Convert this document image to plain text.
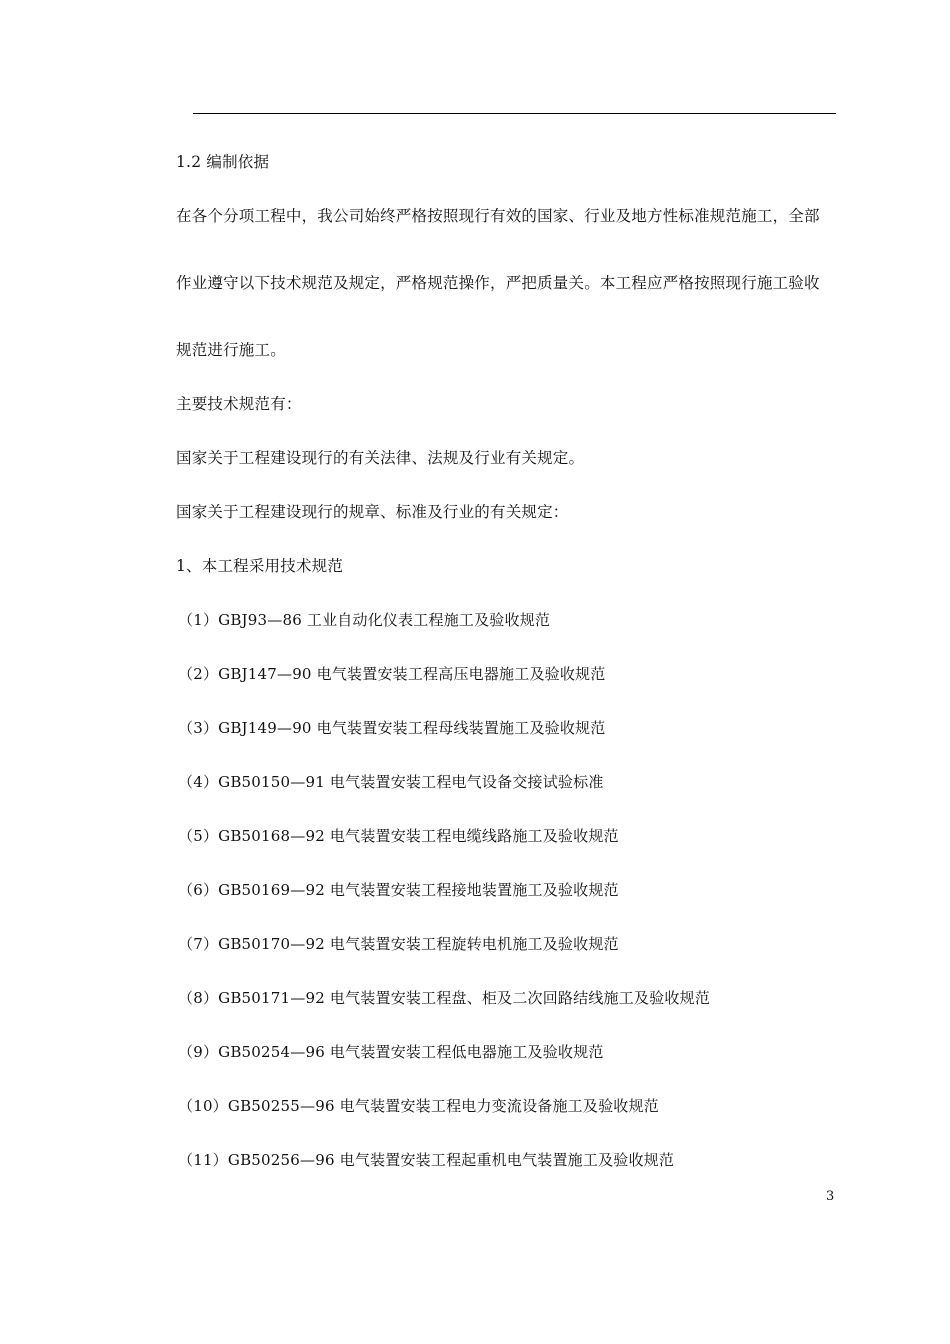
1.2 编制依据
在各个分项工程中，我公司始终严格按照现行有效的国家、行业及地方性标准规范施工，全部
作业遵守以下技术规范及规定，严格规范操作，严把质量关。本工程应严格按照现行施工验收
规范进行施工。
主要技术规范有：
国家关于工程建设现行的有关法律、法规及行业有关规定。
国家关于工程建设现行的规章、标准及行业的有关规定：
1、本工程采用技术规范
（1）GBJ93—86 工业自动化仪表工程施工及验收规范
（2）GBJ147—90 电气装置安装工程高压电器施工及验收规范
（3）GBJ149—90 电气装置安装工程母线装置施工及验收规范
（4）GB50150—91 电气装置安装工程电气设备交接试验标准
（5）GB50168—92 电气装置安装工程电缆线路施工及验收规范
（6）GB50169—92 电气装置安装工程接地装置施工及验收规范
（7）GB50170—92 电气装置安装工程旋转电机施工及验收规范
（8）GB50171—92 电气装置安装工程盘、柜及二次回路结线施工及验收规范
（9）GB50254—96 电气装置安装工程低电器施工及验收规范
（10）GB50255—96 电气装置安装工程电力变流设备施工及验收规范
（11）GB50256—96 电气装置安装工程起重机电气装置施工及验收规范
3
